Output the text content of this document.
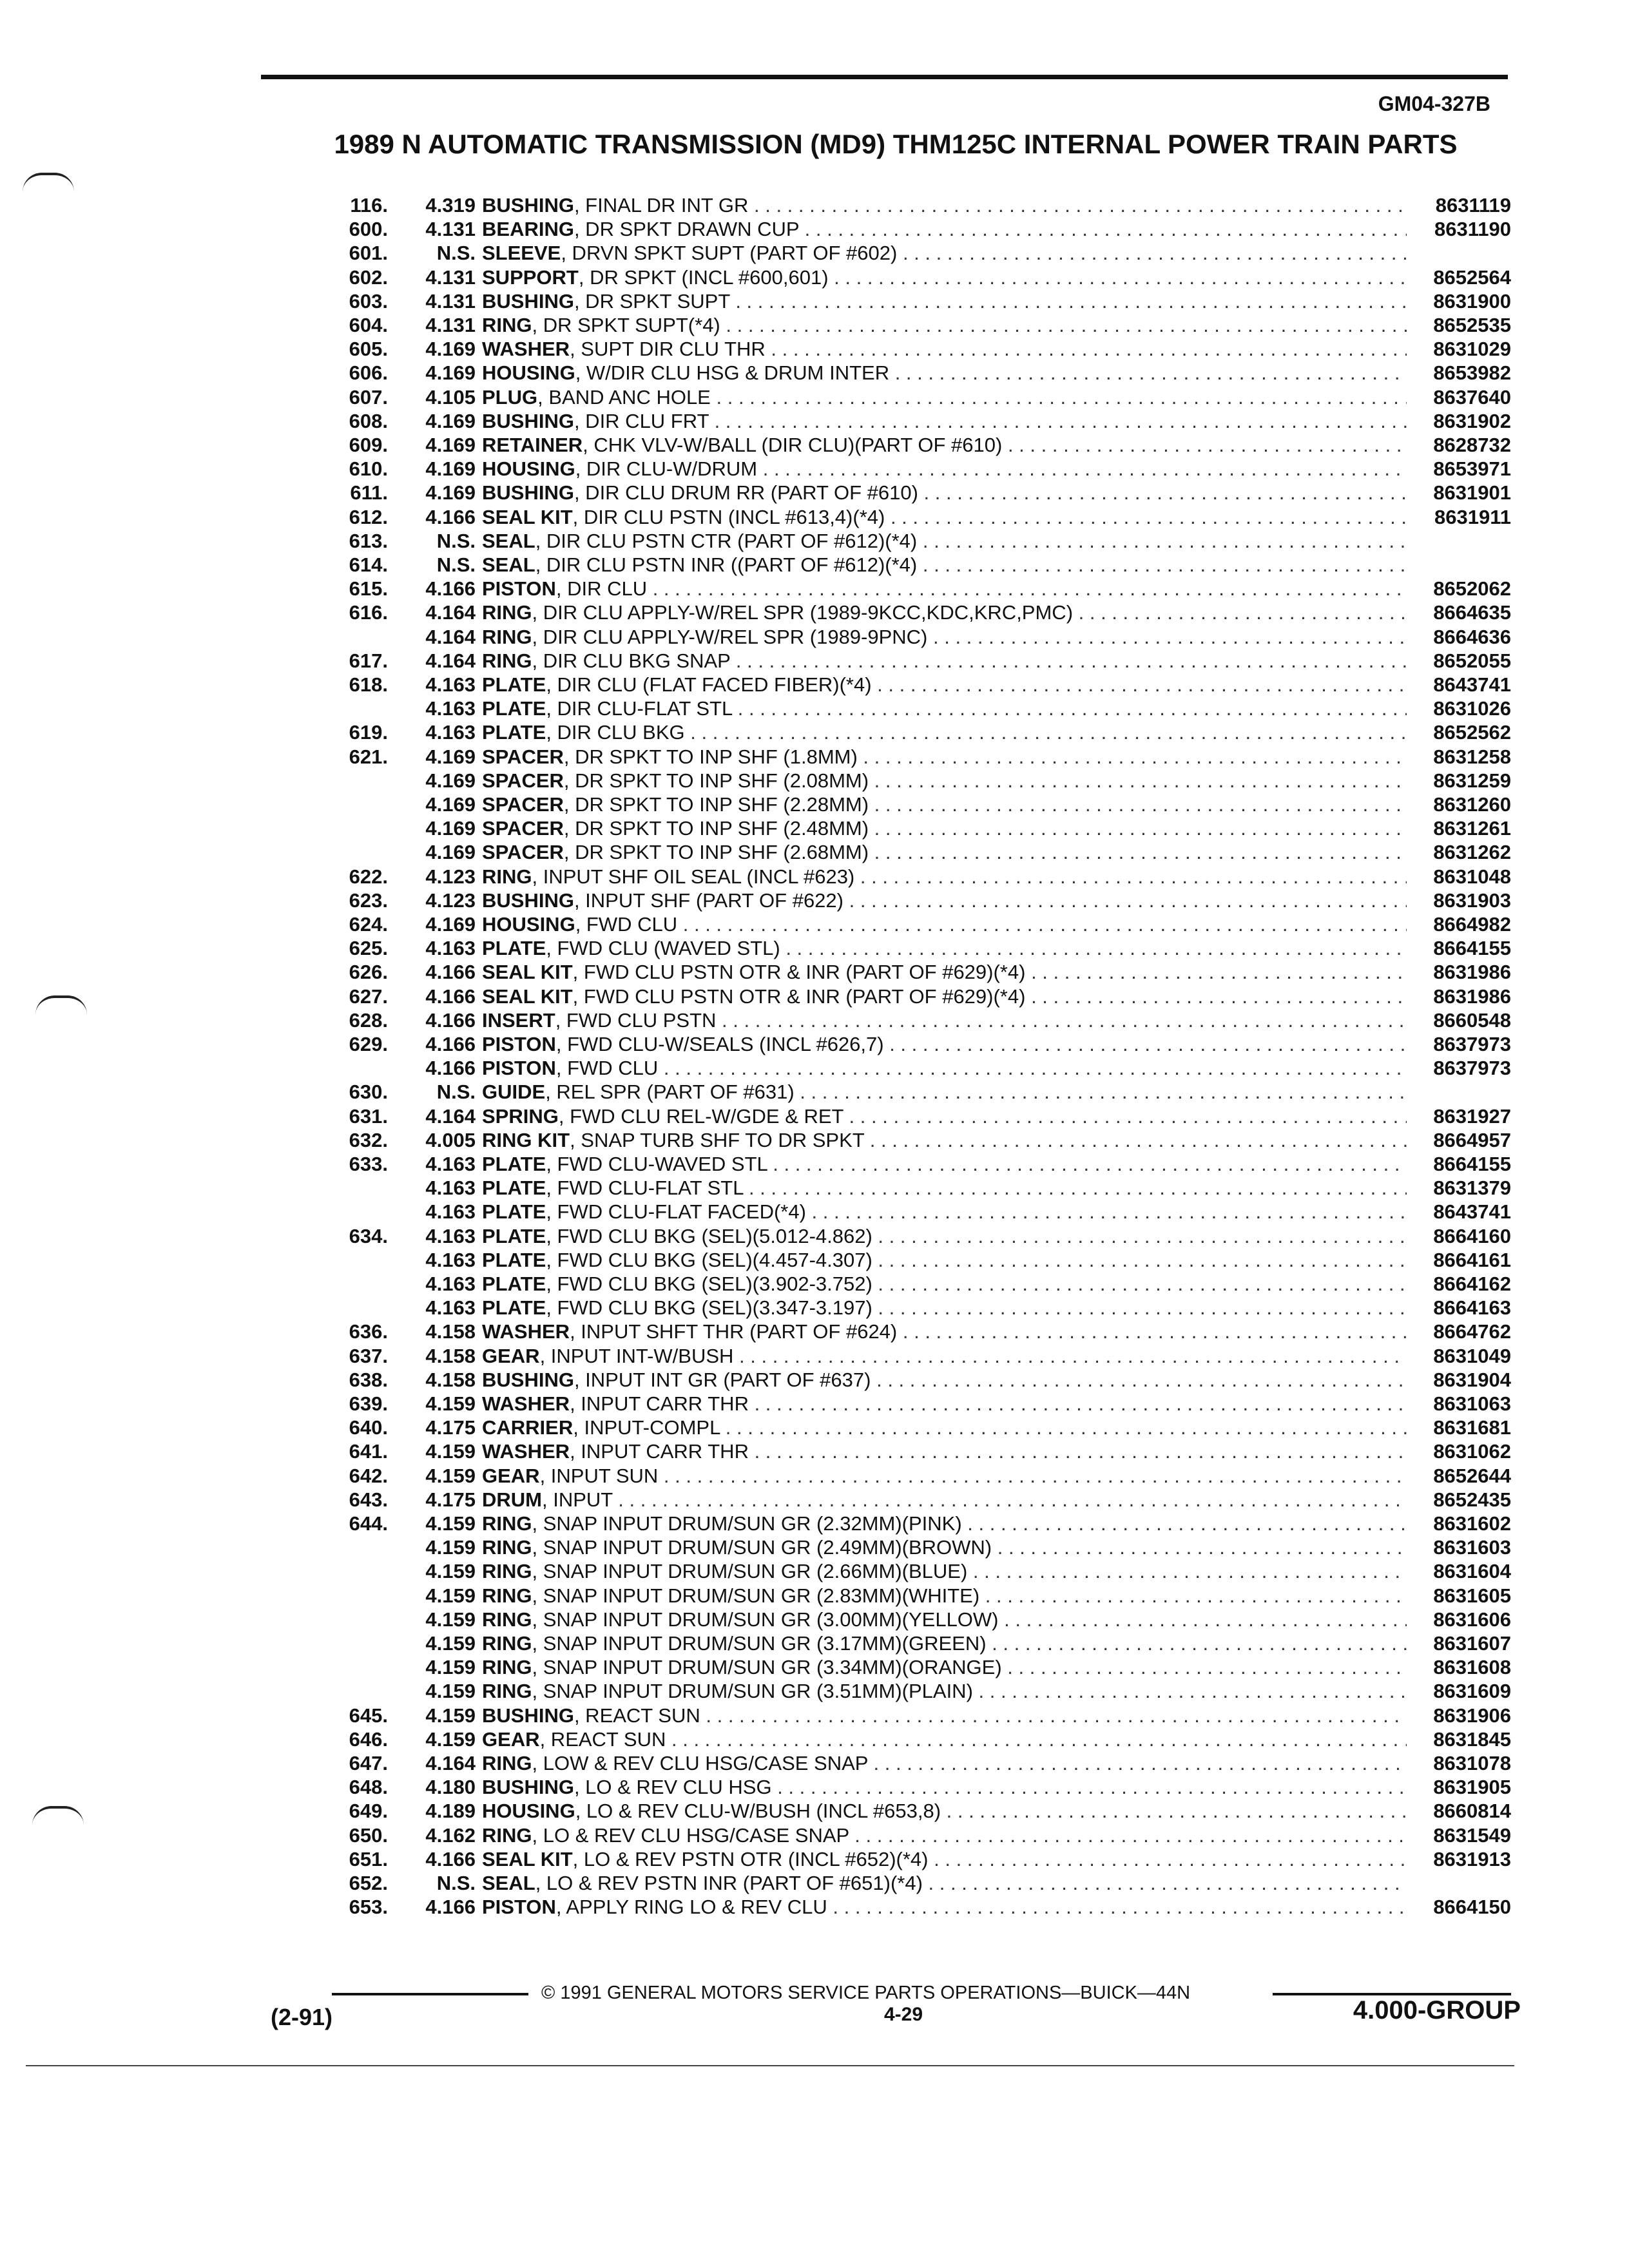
GM04-327B
1989 N AUTOMATIC TRANSMISSION (MD9) THM125C INTERNAL POWER TRAIN PARTS
116.	4.319 BUSHING, FINAL DR INT GR . . .	8631119
600.	4.131 BEARING, DR SPKT DRAWN CUP . . .	8631190
601.	N.S. SLEEVE, DRVN SPKT SUPT (PART OF #602) . . .
602.	4.131 SUPPORT, DR SPKT (INCL #600,601) . . .	8652564
603.	4.131 BUSHING, DR SPKT SUPT . . .	8631900
604.	4.131 RING, DR SPKT SUPT(*4) . . .	8652535
605.	4.169 WASHER, SUPT DIR CLU THR . . .	8631029
606.	4.169 HOUSING, W/DIR CLU HSG & DRUM INTER . . .	8653982
607.	4.105 PLUG, BAND ANC HOLE . . .	8637640
608.	4.169 BUSHING, DIR CLU FRT . . .	8631902
609.	4.169 RETAINER, CHK VLV-W/BALL (DIR CLU)(PART OF #610) . . .	8628732
610.	4.169 HOUSING, DIR CLU-W/DRUM . . .	8653971
611.	4.169 BUSHING, DIR CLU DRUM RR (PART OF #610) . . .	8631901
612.	4.166 SEAL KIT, DIR CLU PSTN (INCL #613,4)(*4) . . .	8631911
613.	N.S. SEAL, DIR CLU PSTN CTR (PART OF #612)(*4) . . .
614.	N.S. SEAL, DIR CLU PSTN INR ((PART OF #612)(*4) . . .
615.	4.166 PISTON, DIR CLU . . .	8652062
616.	4.164 RING, DIR CLU APPLY-W/REL SPR (1989-9KCC,KDC,KRC,PMC) . . .	8664635
4.164 RING, DIR CLU APPLY-W/REL SPR (1989-9PNC) . . .	8664636
617.	4.164 RING, DIR CLU BKG SNAP . . .	8652055
618.	4.163 PLATE, DIR CLU (FLAT FACED FIBER)(*4) . . .	8643741
4.163 PLATE, DIR CLU-FLAT STL . . .	8631026
619.	4.163 PLATE, DIR CLU BKG . . .	8652562
621.	4.169 SPACER, DR SPKT TO INP SHF (1.8MM) . . .	8631258
4.169 SPACER, DR SPKT TO INP SHF (2.08MM) . . .	8631259
4.169 SPACER, DR SPKT TO INP SHF (2.28MM) . . .	8631260
4.169 SPACER, DR SPKT TO INP SHF (2.48MM) . . .	8631261
4.169 SPACER, DR SPKT TO INP SHF (2.68MM) . . .	8631262
622.	4.123 RING, INPUT SHF OIL SEAL (INCL #623) . . .	8631048
623.	4.123 BUSHING, INPUT SHF (PART OF #622) . . .	8631903
624.	4.169 HOUSING, FWD CLU . . .	8664982
625.	4.163 PLATE, FWD CLU (WAVED STL) . . .	8664155
626.	4.166 SEAL KIT, FWD CLU PSTN OTR & INR (PART OF #629)(*4) . . .	8631986
627.	4.166 SEAL KIT, FWD CLU PSTN OTR & INR (PART OF #629)(*4) . . .	8631986
628.	4.166 INSERT, FWD CLU PSTN . . .	8660548
629.	4.166 PISTON, FWD CLU-W/SEALS (INCL #626,7) . . .	8637973
4.166 PISTON, FWD CLU . . .	8637973
630.	N.S. GUIDE, REL SPR (PART OF #631) . . .
631.	4.164 SPRING, FWD CLU REL-W/GDE & RET . . .	8631927
632.	4.005 RING KIT, SNAP TURB SHF TO DR SPKT . . .	8664957
633.	4.163 PLATE, FWD CLU-WAVED STL . . .	8664155
4.163 PLATE, FWD CLU-FLAT STL . . .	8631379
4.163 PLATE, FWD CLU-FLAT FACED(*4) . . .	8643741
634.	4.163 PLATE, FWD CLU BKG (SEL)(5.012-4.862) . . .	8664160
4.163 PLATE, FWD CLU BKG (SEL)(4.457-4.307) . . .	8664161
4.163 PLATE, FWD CLU BKG (SEL)(3.902-3.752) . . .	8664162
4.163 PLATE, FWD CLU BKG (SEL)(3.347-3.197) . . .	8664163
636.	4.158 WASHER, INPUT SHFT THR (PART OF #624) . . .	8664762
637.	4.158 GEAR, INPUT INT-W/BUSH . . .	8631049
638.	4.158 BUSHING, INPUT INT GR (PART OF #637) . . .	8631904
639.	4.159 WASHER, INPUT CARR THR . . .	8631063
640.	4.175 CARRIER, INPUT-COMPL . . .	8631681
641.	4.159 WASHER, INPUT CARR THR . . .	8631062
642.	4.159 GEAR, INPUT SUN . . .	8652644
643.	4.175 DRUM, INPUT . . .	8652435
644.	4.159 RING, SNAP INPUT DRUM/SUN GR (2.32MM)(PINK) . . .	8631602
4.159 RING, SNAP INPUT DRUM/SUN GR (2.49MM)(BROWN) . . .	8631603
4.159 RING, SNAP INPUT DRUM/SUN GR (2.66MM)(BLUE) . . .	8631604
4.159 RING, SNAP INPUT DRUM/SUN GR (2.83MM)(WHITE) . . .	8631605
4.159 RING, SNAP INPUT DRUM/SUN GR (3.00MM)(YELLOW) . . .	8631606
4.159 RING, SNAP INPUT DRUM/SUN GR (3.17MM)(GREEN) . . .	8631607
4.159 RING, SNAP INPUT DRUM/SUN GR (3.34MM)(ORANGE) . . .	8631608
4.159 RING, SNAP INPUT DRUM/SUN GR (3.51MM)(PLAIN) . . .	8631609
645.	4.159 BUSHING, REACT SUN . . .	8631906
646.	4.159 GEAR, REACT SUN . . .	8631845
647.	4.164 RING, LOW & REV CLU HSG/CASE SNAP . . .	8631078
648.	4.180 BUSHING, LO & REV CLU HSG . . .	8631905
649.	4.189 HOUSING, LO & REV CLU-W/BUSH (INCL #653,8) . . .	8660814
650.	4.162 RING, LO & REV CLU HSG/CASE SNAP . . .	8631549
651.	4.166 SEAL KIT, LO & REV PSTN OTR (INCL #652)(*4) . . .	8631913
652.	N.S. SEAL, LO & REV PSTN INR (PART OF #651)(*4) . . .
653.	4.166 PISTON, APPLY RING LO & REV CLU . . .	8664150
© 1991 GENERAL MOTORS SERVICE PARTS OPERATIONS—BUICK—44N
(2-91)	4-29	4.000-GROUP
